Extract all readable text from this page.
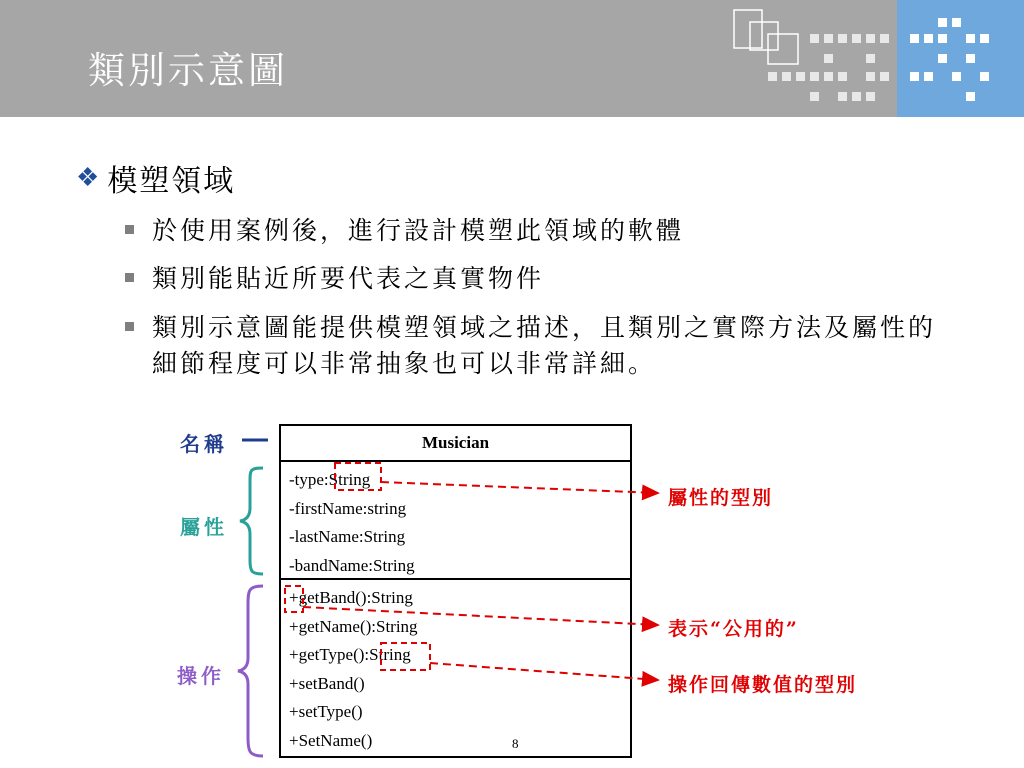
類別示意圖
❖ 模塑領域
於使用案例後，進行設計模塑此領域的軟體
類別能貼近所要代表之真實物件
類別示意圖能提供模塑領域之描述，且類別之實際方法及屬性的細節程度可以非常抽象也可以非常詳細。
名稱
屬性
操作
Musician
-type:String
-firstName:string
-lastName:String
-bandName:String
+getBand():String
+getName():String
+getType():String
+setBand()
+setType()
+SetName()	8
屬性的型別
表示“公用的”
操作回傳數值的型別
